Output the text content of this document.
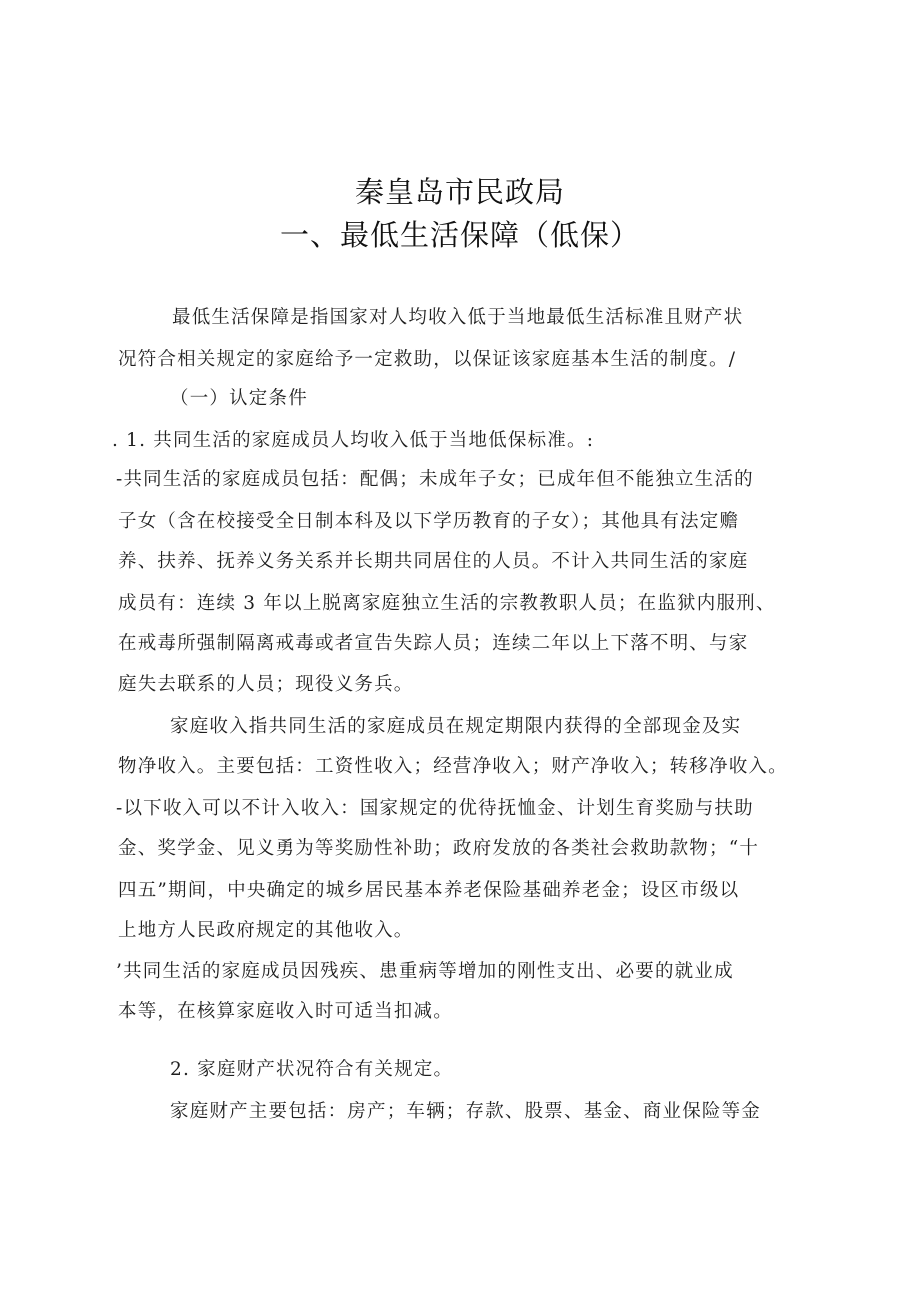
秦皇岛市民政局
一、最低生活保障（低保）
最低生活保障是指国家对人均收入低于当地最低生活标准且财产状
况符合相关规定的家庭给予一定救助，以保证该家庭基本生活的制度。/
（一）认定条件
. 1. 共同生活的家庭成员人均收入低于当地低保标准。:
-共同生活的家庭成员包括：配偶；未成年子女；已成年但不能独立生活的
子女（含在校接受全日制本科及以下学历教育的子女）；其他具有法定赡
养、扶养、抚养义务关系并长期共同居住的人员。不计入共同生活的家庭
成员有：连续 3 年以上脱离家庭独立生活的宗教教职人员；在监狱内服刑、
在戒毒所强制隔离戒毒或者宣告失踪人员；连续二年以上下落不明、与家
庭失去联系的人员；现役义务兵。
家庭收入指共同生活的家庭成员在规定期限内获得的全部现金及实
物净收入。主要包括：工资性收入；经营净收入；财产净收入；转移净收入。
-以下收入可以不计入收入：国家规定的优待抚恤金、计划生育奖励与扶助
金、奖学金、见义勇为等奖励性补助；政府发放的各类社会救助款物；“十
四五”期间，中央确定的城乡居民基本养老保险基础养老金；设区市级以
上地方人民政府规定的其他收入。
’共同生活的家庭成员因残疾、患重病等增加的刚性支出、必要的就业成
本等，在核算家庭收入时可适当扣减。
2. 家庭财产状况符合有关规定。
家庭财产主要包括：房产；车辆；存款、股票、基金、商业保险等金
